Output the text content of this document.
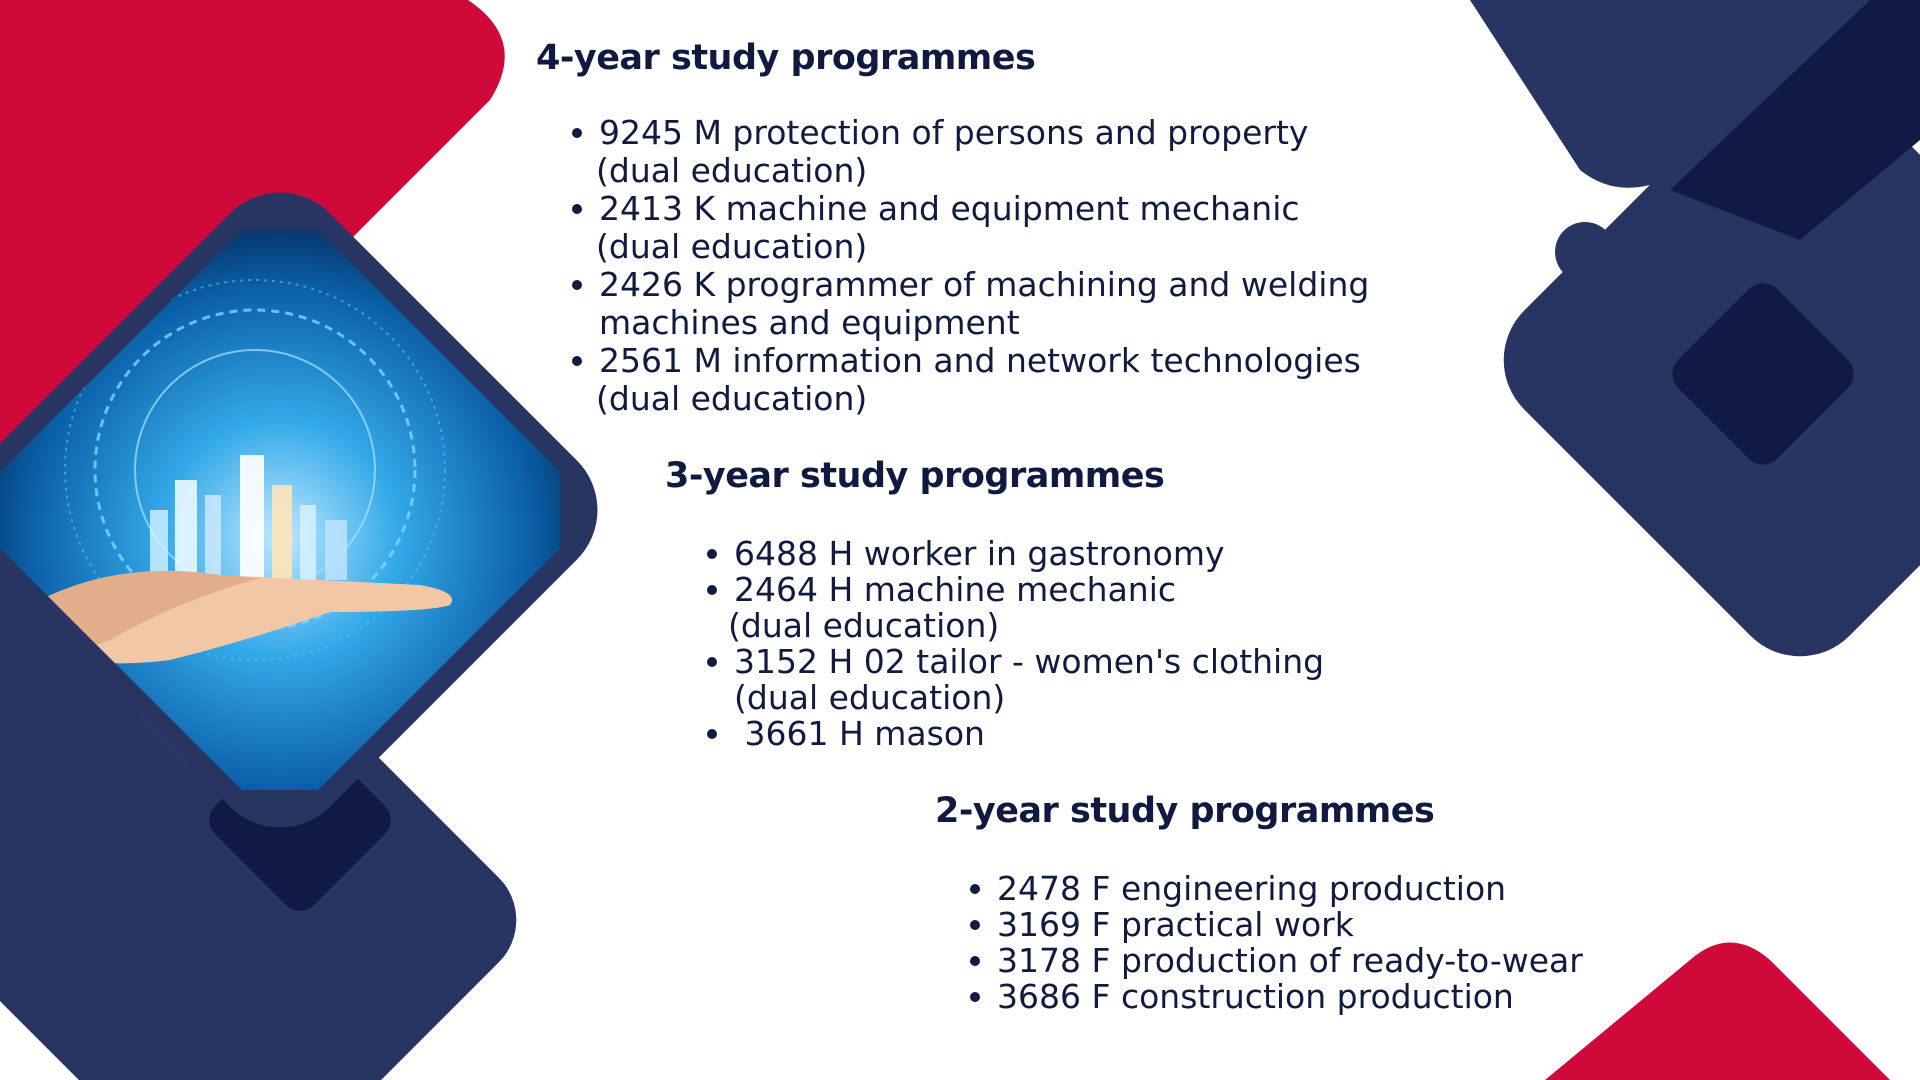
4-year study programmes
9245 M protection of persons and property
(dual education)
2413 K machine and equipment mechanic
(dual education)
2426 K programmer of machining and welding
machines and equipment
2561 M information and network technologies
(dual education)
3-year study programmes
6488 H worker in gastronomy
2464 H machine mechanic
(dual education)
3152 H 02 tailor - women's clothing
(dual education)
3661 H mason
2-year study programmes
2478 F engineering production
3169 F practical work
3178 F production of ready-to-wear
3686 F construction production
